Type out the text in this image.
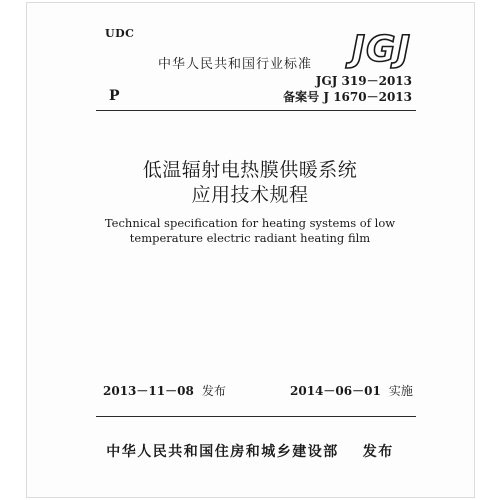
UDC
P
中华人民共和国行业标准	JGJ
JGJ 319－2013
备案号 J 1670－2013
低温辐射电热膜供暖系统
应用技术规程
Technical specification for heating systems of low
temperature electric radiant heating film
2013－11－08 发布	2014－06－01 实施
中华人民共和国住房和城乡建设部 发布
